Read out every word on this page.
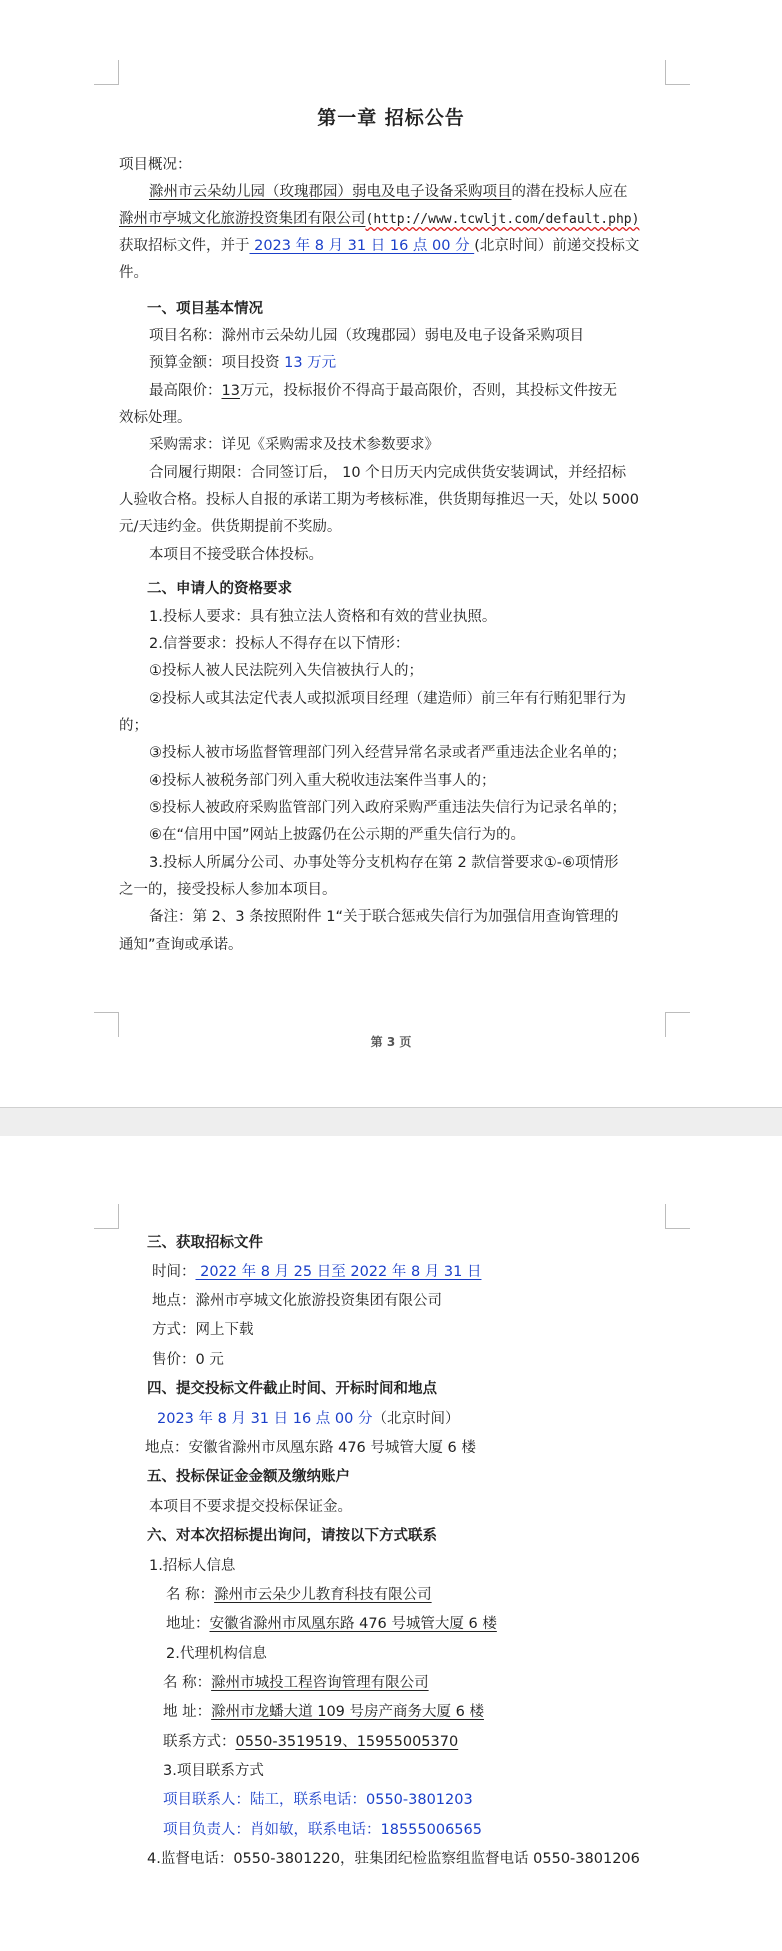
第一章 招标公告
项目概况：
滁州市云朵幼儿园（玫瑰郡园）弱电及电子设备采购项目的潜在投标人应在
滁州市亭城文化旅游投资集团有限公司(http://www.tcwljt.com/default.php)
获取招标文件，并于 2023 年 8 月 31 日 16 点 00 分 (北京时间）前递交投标文
件。
一、项目基本情况
项目名称：滁州市云朵幼儿园（玫瑰郡园）弱电及电子设备采购项目
预算金额：项目投资 13 万元
最高限价：13万元，投标报价不得高于最高限价，否则，其投标文件按无
效标处理。
采购需求：详见《采购需求及技术参数要求》
合同履行期限：合同签订后， 10 个日历天内完成供货安装调试，并经招标
人验收合格。投标人自报的承诺工期为考核标准，供货期每推迟一天，处以 5000
元/天违约金。供货期提前不奖励。
本项目不接受联合体投标。
二、申请人的资格要求
1.投标人要求：具有独立法人资格和有效的营业执照。
2.信誉要求：投标人不得存在以下情形：
①投标人被人民法院列入失信被执行人的；
②投标人或其法定代表人或拟派项目经理（建造师）前三年有行贿犯罪行为
的；
③投标人被市场监督管理部门列入经营异常名录或者严重违法企业名单的；
④投标人被税务部门列入重大税收违法案件当事人的；
⑤投标人被政府采购监管部门列入政府采购严重违法失信行为记录名单的；
⑥在“信用中国”网站上披露仍在公示期的严重失信行为的。
3.投标人所属分公司、办事处等分支机构存在第 2 款信誉要求①-⑥项情形
之一的，接受投标人参加本项目。
备注：第 2、3 条按照附件 1“关于联合惩戒失信行为加强信用查询管理的
通知”查询或承诺。
第 3 页
三、获取招标文件
时间： 2022 年 8 月 25 日至 2022 年 8 月 31 日
地点：滁州市亭城文化旅游投资集团有限公司
方式：网上下载
售价：0 元
四、提交投标文件截止时间、开标时间和地点
2023 年 8 月 31 日 16 点 00 分（北京时间）
地点：安徽省滁州市凤凰东路 476 号城管大厦 6 楼
五、投标保证金金额及缴纳账户
本项目不要求提交投标保证金。
六、对本次招标提出询问，请按以下方式联系
1.招标人信息
名 称：滁州市云朵少儿教育科技有限公司
地址：安徽省滁州市凤凰东路 476 号城管大厦 6 楼
2.代理机构信息
名 称：滁州市城投工程咨询管理有限公司
地 址：滁州市龙蟠大道 109 号房产商务大厦 6 楼
联系方式：0550-3519519、15955005370
3.项目联系方式
项目联系人：陆工，联系电话：0550-3801203
项目负责人：肖如敏，联系电话：18555006565
4.监督电话：0550-3801220，驻集团纪检监察组监督电话 0550-3801206
